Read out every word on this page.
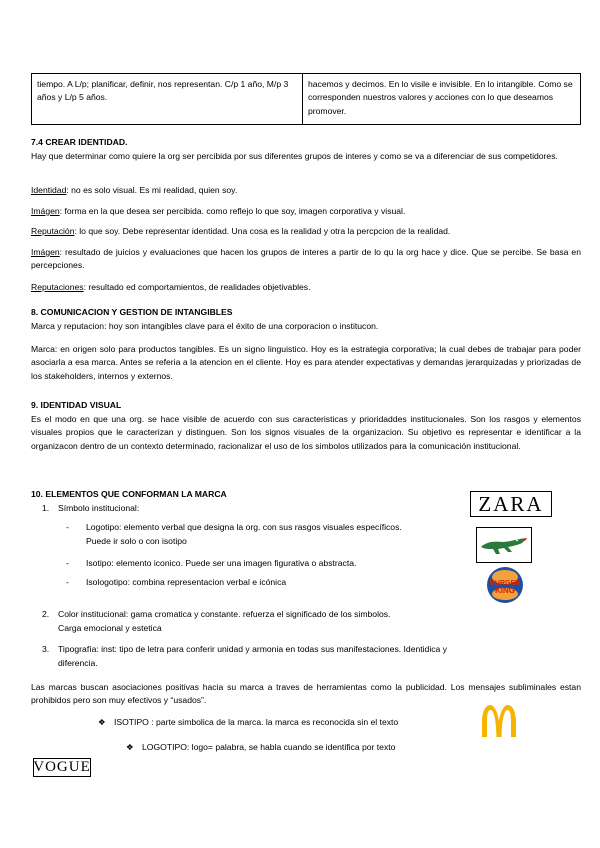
tiempo. A L/p; planificar, definir, nos representan. C/p 1 año, M/p 3 años y L/p 5 años.	hacemos y decimos. En lo visile e invisible. En lo intangible. Como se corresponden nuestros valores y acciones con lo que deseamos promover.
7.4 CREAR IDENTIDAD.
Hay que determinar como quiere la org ser percibida por sus diferentes grupos de interes y como se va a diferenciar de sus competidores.
Identidad: no es solo visual. Es mi realidad, quien soy.
Imágen: forma en la que desea ser percibida. como reflejo lo que soy, imagen corporativa y visual.
Reputación: lo que soy. Debe representar identidad. Una cosa es la realidad y otra la percpcion de la realidad.
Imágen: resultado de juicios y evaluaciones que hacen los grupos de interes a partir de lo qu la org hace y dice. Que se percibe. Se basa en percepciones.
Reputaciones: resultado ed comportamientos, de realidades objetivables.
8. COMUNICACION Y GESTION DE INTANGIBLES
Marca y reputacion: hoy son intangibles clave para el éxito de una corporacion o institucon.
Marca: en origen solo para productos tangibles. Es un signo linguistico. Hoy es la estrategia corporativa; la cual debes de trabajar para poder asociarla a esa marca. Antes se referia a la atencion en el cliente. Hoy es para atender expectativas y demandas jerarquizadas y priorizadas de los stakeholders, internos y externos.
9. IDENTIDAD VISUAL
Es el modo en que una org. se hace visible de acuerdo con sus caracteristicas y prioridaddes institucionales. Son los rasgos y elementos visuales propios que le caracterizan y distinguen. Son los signos visuales de la organizacion. Su objetivo es representar e identificar a la organizacon dentro de un contexto determinado, racionalizar el uso de los simbolos utilizados para la comunicación institucional.
10. ELEMENTOS QUE CONFORMAN LA MARCA
1. Símbolo institucional:
- Logotipo: elemento verbal que designa la org. con sus rasgos visuales específicos.
Puede ir solo o con isotipo
- Isotipo: elemento iconico. Puede ser una imagen figurativa o abstracta.
- Isologotipo: combina representacion verbal e icónica
2. Color institucional: gama cromatica y constante. refuerza el significado de los simbolos.
Carga emocional y estetica
3. Tipografía: inst: tipo de letra para conferir unidad y armonia en todas sus manifestaciones. Identidica y
diferencia.
Las marcas buscan asociaciones positivas hacia su marca a traves de herramientas como la publicidad. Los mensajes subliminales estan prohibidos pero son muy efectivos y “usados”.
❖ ISOTIPO : parte simbolica de la marca. la marca es reconocida sin el texto
❖ LOGOTIPO: logo= palabra, se habla cuando se identifica por texto
ZARA
BURGER
KING
VOGUE
